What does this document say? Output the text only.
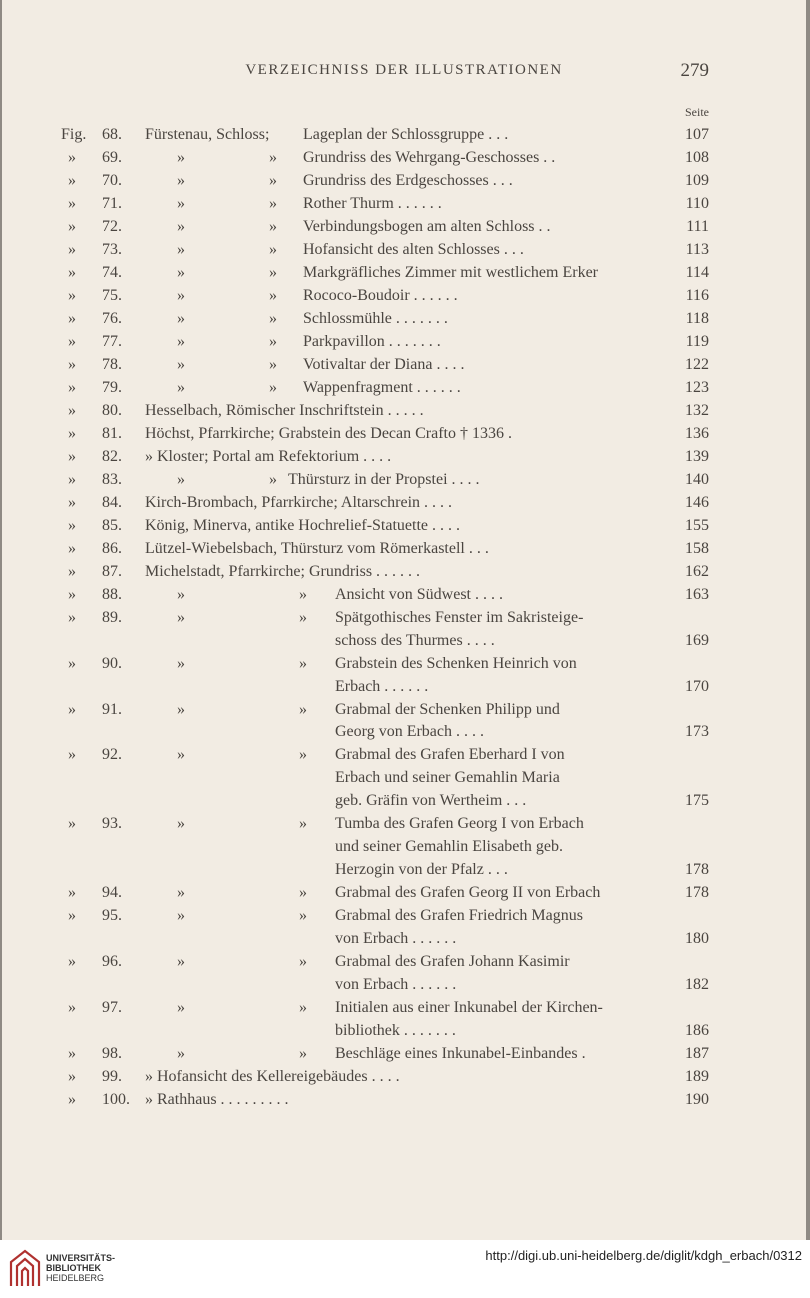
VERZEICHNISS DER ILLUSTRATIONEN	279
Seite
Fig. 68. Fürstenau, Schloss; Lageplan der Schlossgruppe . . .	107
» 69.	» » Grundriss des Wehrgang-Geschosses . .	108
» 70.	» » Grundriss des Erdgeschosses . . .	109
» 71.	» » Rother Thurm . . . . . .	110
» 72.	» » Verbindungsbogen am alten Schloss . .	111
» 73.	» » Hofansicht des alten Schlosses . . .	113
» 74.	» » Markgräfliches Zimmer mit westlichem Erker	114
» 75.	» » Rococo-Boudoir . . . . . .	116
» 76.	» » Schlossmühle . . . . . . .	118
» 77.	» » Parkpavillon . . . . . . .	119
» 78.	» » Votivaltar der Diana . . . .	122
» 79.	» » Wappenfragment . . . . . .	123
» 80. Hesselbach, Römischer Inschriftstein . . . . .	132
» 81. Höchst, Pfarrkirche; Grabstein des Decan Crafto † 1336 .	136
» 82. » Kloster; Portal am Refektorium . . . .	139
» 83.	» » Thürsturz in der Propstei . . . .	140
» 84. Kirch-Brombach, Pfarrkirche; Altarschrein . . . .	146
» 85. König, Minerva, antike Hochrelief-Statuette . . . .	155
» 86. Lützel-Wiebelsbach, Thürsturz vom Römerkastell . . .	158
» 87. Michelstadt, Pfarrkirche; Grundriss . . . . . .	162
» 88.	» » Ansicht von Südwest . . . .	163
» 89.	» » Spätgothisches Fenster im Sakristeige-
schoss des Thurmes . . . .	169
» 90.	» » Grabstein des Schenken Heinrich von
Erbach . . . . . .	170
» 91.	» » Grabmal der Schenken Philipp und
Georg von Erbach . . . .	173
» 92.	» » Grabmal des Grafen Eberhard I von
Erbach und seiner Gemahlin Maria
geb. Gräfin von Wertheim . . .	175
» 93.	» » Tumba des Grafen Georg I von Erbach
und seiner Gemahlin Elisabeth geb.
Herzogin von der Pfalz . . .	178
» 94.	» » Grabmal des Grafen Georg II von Erbach	178
» 95.	» » Grabmal des Grafen Friedrich Magnus
von Erbach . . . . . .	180
» 96.	» » Grabmal des Grafen Johann Kasimir
von Erbach . . . . . .	182
» 97.	» » Initialen aus einer Inkunabel der Kirchen-
bibliothek . . . . . . .	186
» 98.	» » Beschläge eines Inkunabel-Einbandes .	187
» 99. » Hofansicht des Kellereigebäudes . . . .	189
» 100. » Rathhaus . . . . . . . . .	190
UNIVERSITÄTS-
BIBLIOTHEK
HEIDELBERG
http://digi.ub.uni-heidelberg.de/diglit/kdgh_erbach/0312
